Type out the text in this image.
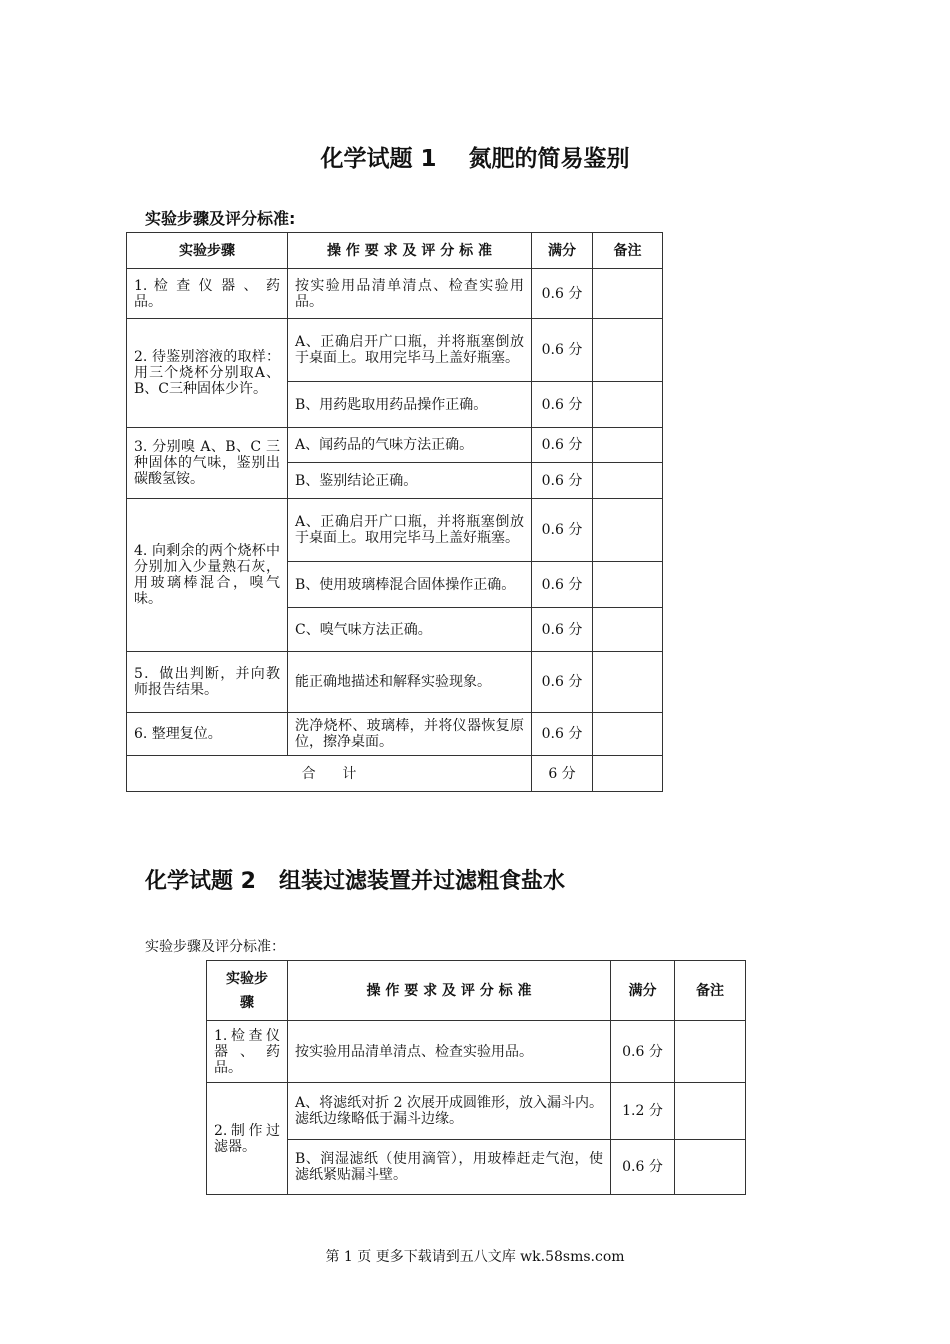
化学试题 1    氮肥的简易鉴别
实验步骤及评分标准:
实验步骤	操 作 要 求 及 评 分 标 准	满分	备注
1. 检 查 仪 器 、 药品。	按实验用品清单清点、检查实验用品。	0.6 分	
2. 待鉴别溶液的取样：用三个烧杯分别取A、B、C三种固体少许。	A、正确启开广口瓶，并将瓶塞倒放于桌面上。取用完毕马上盖好瓶塞。	0.6 分	
	B、用药匙取用药品操作正确。	0.6 分	
3. 分别嗅 A、B、C 三种固体的气味，鉴别出碳酸氢铵。	A、闻药品的气味方法正确。	0.6 分	
	B、鉴别结论正确。	0.6 分	
4. 向剩余的两个烧杯中分别加入少量熟石灰，用玻璃棒混合，嗅气味。	A、正确启开广口瓶，并将瓶塞倒放于桌面上。取用完毕马上盖好瓶塞。	0.6 分	
	B、使用玻璃棒混合固体操作正确。	0.6 分	
	C、嗅气味方法正确。	0.6 分	
5．做出判断，并向教师报告结果。	能正确地描述和解释实验现象。	0.6 分	
6. 整理复位。	洗净烧杯、玻璃棒，并将仪器恢复原位，擦净桌面。	0.6 分	
合      计		6 分	
化学试题 2   组装过滤装置并过滤粗食盐水
实验步骤及评分标准：
实验步骤	操 作 要 求 及 评 分 标 准	满分	备注
1.检查仪器、药品。	按实验用品清单清点、检查实验用品。	0.6 分	
2.制作过滤器。	A、将滤纸对折 2 次展开成圆锥形，放入漏斗内。滤纸边缘略低于漏斗边缘。	1.2 分	
	B、润湿滤纸（使用滴管），用玻棒赶走气泡，使滤纸紧贴漏斗壁。	0.6 分	
第 1 页 更多下载请到五八文库 wk.58sms.com
